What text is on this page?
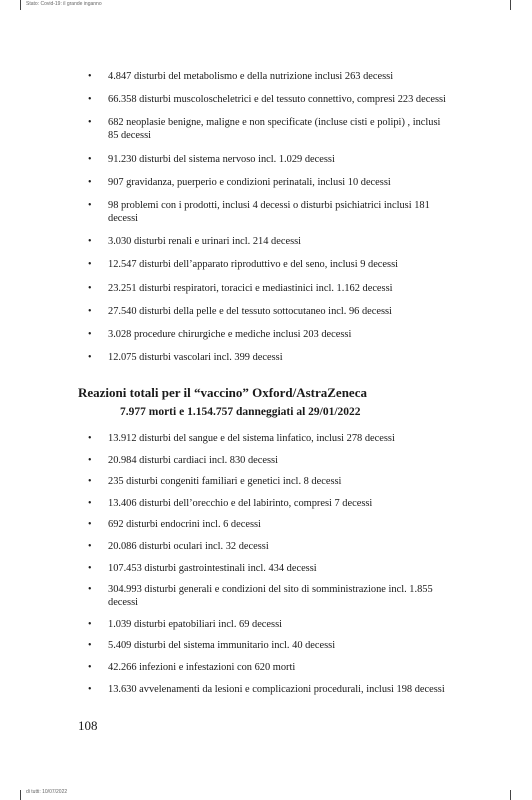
Stato: Covid-19: il grande inganno
• 4.847 disturbi del metabolismo e della nutrizione inclusi 263 decessi
• 66.358 disturbi muscoloscheletrici e del tessuto connettivo, compresi 223 decessi
• 682 neoplasie benigne, maligne e non specificate (incluse cisti e polipi) , inclusi 85 decessi
• 91.230 disturbi del sistema nervoso incl. 1.029 decessi
• 907 gravidanza, puerperio e condizioni perinatali, inclusi 10 decessi
• 98 problemi con i prodotti, inclusi 4 decessi o disturbi psichiatrici inclusi 181 decessi
• 3.030 disturbi renali e urinari incl. 214 decessi
• 12.547 disturbi dell’apparato riproduttivo e del seno, inclusi 9 decessi
• 23.251 disturbi respiratori, toracici e mediastinici incl. 1.162 decessi
• 27.540 disturbi della pelle e del tessuto sottocutaneo incl. 96 decessi
• 3.028 procedure chirurgiche e mediche inclusi 203 decessi
• 12.075 disturbi vascolari incl. 399 decessi
Reazioni totali per il “vaccino” Oxford/AstraZeneca
7.977 morti e 1.154.757 danneggiati al 29/01/2022
• 13.912 disturbi del sangue e del sistema linfatico, inclusi 278 decessi
• 20.984 disturbi cardiaci incl. 830 decessi
• 235 disturbi congeniti familiari e genetici incl. 8 decessi
• 13.406 disturbi dell’orecchio e del labirinto, compresi 7 decessi
• 692 disturbi endocrini incl. 6 decessi
• 20.086 disturbi oculari incl. 32 decessi
• 107.453 disturbi gastrointestinali incl. 434 decessi
• 304.993 disturbi generali e condizioni del sito di somministrazione incl. 1.855 decessi
• 1.039 disturbi epatobiliari incl. 69 decessi
• 5.409 disturbi del sistema immunitario incl. 40 decessi
• 42.266 infezioni e infestazioni con 620 morti
• 13.630 avvelenamenti da lesioni e complicazioni procedurali, inclusi 198 decessi
108
di tutti: 10/07/2022
